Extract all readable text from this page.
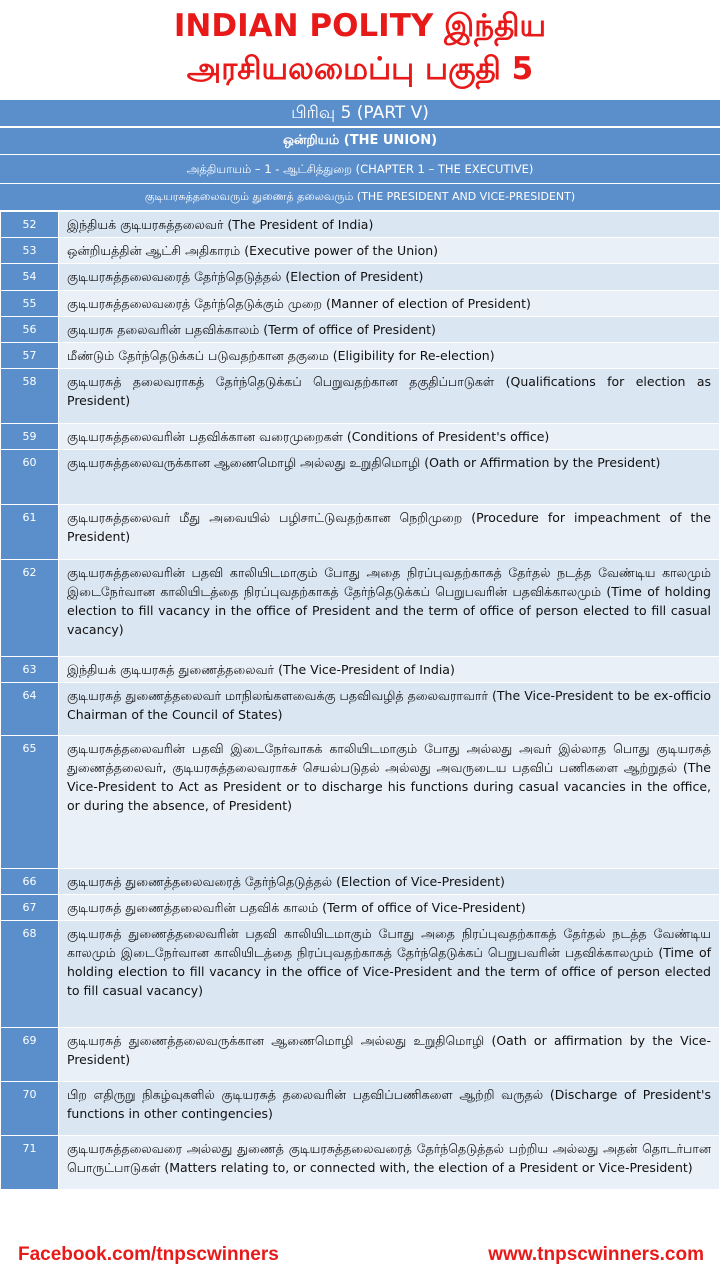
INDIAN POLITY இந்திய
அரசியலமைப்பு பகுதி 5
பிரிவு 5 (PART V)
ஒன்றியம் (THE UNION)
அத்தியாயம் – 1 - ஆட்சித்துறை (CHAPTER 1 – THE EXECUTIVE)
குடியரசுத்தலைவரும் துணைத் தலைவரும் (THE PRESIDENT AND VICE-PRESIDENT)
52	இந்தியக் குடியரசுத்தலைவர் (The President of India)
53	ஒன்றியத்தின் ஆட்சி அதிகாரம் (Executive power of the Union)
54	குடியரசுத்தலைவரைத் தேர்ந்தெடுத்தல் (Election of President)
55	குடியரசுத்தலைவரைத் தேர்ந்தெடுக்கும் முறை (Manner of election of President)
56	குடியரசு தலைவரின் பதவிக்காலம் (Term of office of President)
57	மீண்டும் தேர்ந்தெடுக்கப் படுவதற்கான தகுமை (Eligibility for Re-election)
58	குடியரசுத் தலைவராகத் தேர்ந்தெடுக்கப் பெறுவதற்கான தகுதிப்பாடுகள் (Qualifications for election as President)
59	குடியரசுத்தலைவரின் பதவிக்கான வரைமுறைகள் (Conditions of President's office)
60	குடியரசுத்தலைவருக்கான ஆணைமொழி அல்லது உறுதிமொழி (Oath or Affirmation by the President)
61	குடியரசுத்தலைவர் மீது அவையில் பழிசாட்டுவதற்கான நெறிமுறை (Procedure for impeachment of the President)
62	குடியரசுத்தலைவரின் பதவி காலியிடமாகும் போது அதை நிரப்புவதற்காகத் தேர்தல் நடத்த வேண்டிய காலமும் இடைநேர்வான காலியிடத்தை நிரப்புவதற்காகத் தேர்ந்தெடுக்கப் பெறுபவரின் பதவிக்காலமும் (Time of holding election to fill vacancy in the office of President and the term of office of person elected to fill casual vacancy)
63	இந்தியக் குடியரசுத் துணைத்தலைவர் (The Vice-President of India)
64	குடியரசுத் துணைத்தலைவர் மாநிலங்களவைக்கு பதவிவழித் தலைவராவார் (The Vice-President to be ex-officio Chairman of the Council of States)
65	குடியரசுத்தலைவரின் பதவி இடைநேர்வாகக் காலியிடமாகும் போது அல்லது அவர் இல்லாத பொது குடியரசுத் துணைத்தலைவர், குடியரசுத்தலைவராகச் செயல்படுதல் அல்லது அவருடைய பதவிப் பணிகளை ஆற்றுதல் (The Vice-President to Act as President or to discharge his functions during casual vacancies in the office, or during the absence, of President)
66	குடியரசுத் துணைத்தலைவரைத் தேர்ந்தெடுத்தல் (Election of Vice-President)
67	குடியரசுத் துணைத்தலைவரின் பதவிக் காலம் (Term of office of Vice-President)
68	குடியரசுத் துணைத்தலைவரின் பதவி காலியிடமாகும் போது அதை நிரப்புவதற்காகத் தேர்தல் நடத்த வேண்டிய காலமும் இடைநேர்வான காலியிடத்தை நிரப்புவதற்காகத் தேர்ந்தெடுக்கப் பெறுபவரின் பதவிக்காலமும் (Time of holding election to fill vacancy in the office of Vice-President and the term of office of person elected to fill casual vacancy)
69	குடியரசுத் துணைத்தலைவருக்கான ஆணைமொழி அல்லது உறுதிமொழி (Oath or affirmation by the Vice-President)
70	பிற எதிருறு நிகழ்வுகளில் குடியரசுத் தலைவரின் பதவிப்பணிகளை ஆற்றி வருதல் (Discharge of President's functions in other contingencies)
71	குடியரசுத்தலைவரை அல்லது துணைத் குடியரசுத்தலைவரைத் தேர்ந்தெடுத்தல் பற்றிய அல்லது அதன் தொடர்பான பொருட்பாடுகள் (Matters relating to, or connected with, the election of a President or Vice-President)
Facebook.com/tnpscwinners	www.tnpscwinners.com
